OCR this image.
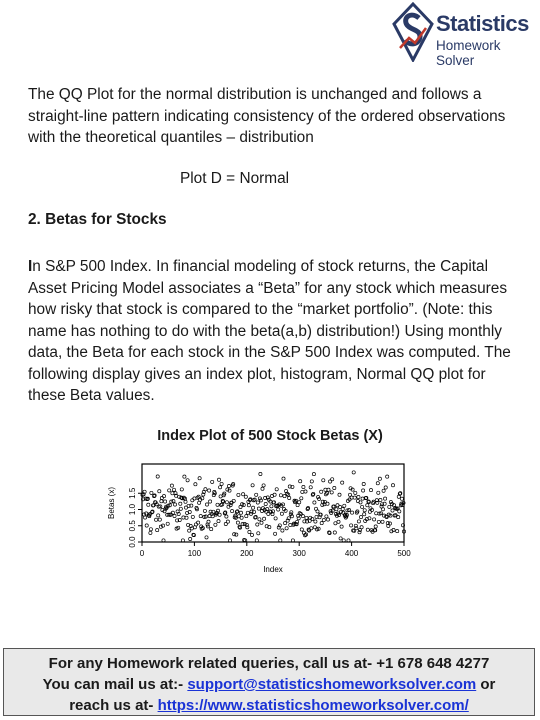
Statistics
Homework Solver

The QQ Plot for the normal distribution is unchanged and follows a straight-line pattern indicating consistency of the ordered observations with the theoretical quantiles – distribution

Plot D = Normal
2. Betas for Stocks

In S&P 500 Index. In financial modeling of stock returns, the Capital Asset Pricing Model associates a “Beta” for any stock which measures how risky that stock is compared to the “market portfolio”. (Note: this name has nothing to do with the beta(a,b) distribution!) Using monthly data, the Beta for each stock in the S&P 500 Index was computed. The following display gives an index plot, histogram, Normal QQ plot for these Beta values.

Index Plot of 500 Stock Betas (X)
0	100	200	300	400	500
0.0
0.5
1.0
1.5
Betas (x)
Index
For any Homework related queries, call us at- +1 678 648 4277
You can mail us at:- support@statisticshomeworksolver.com or
reach us at- https://www.statisticshomeworksolver.com/
